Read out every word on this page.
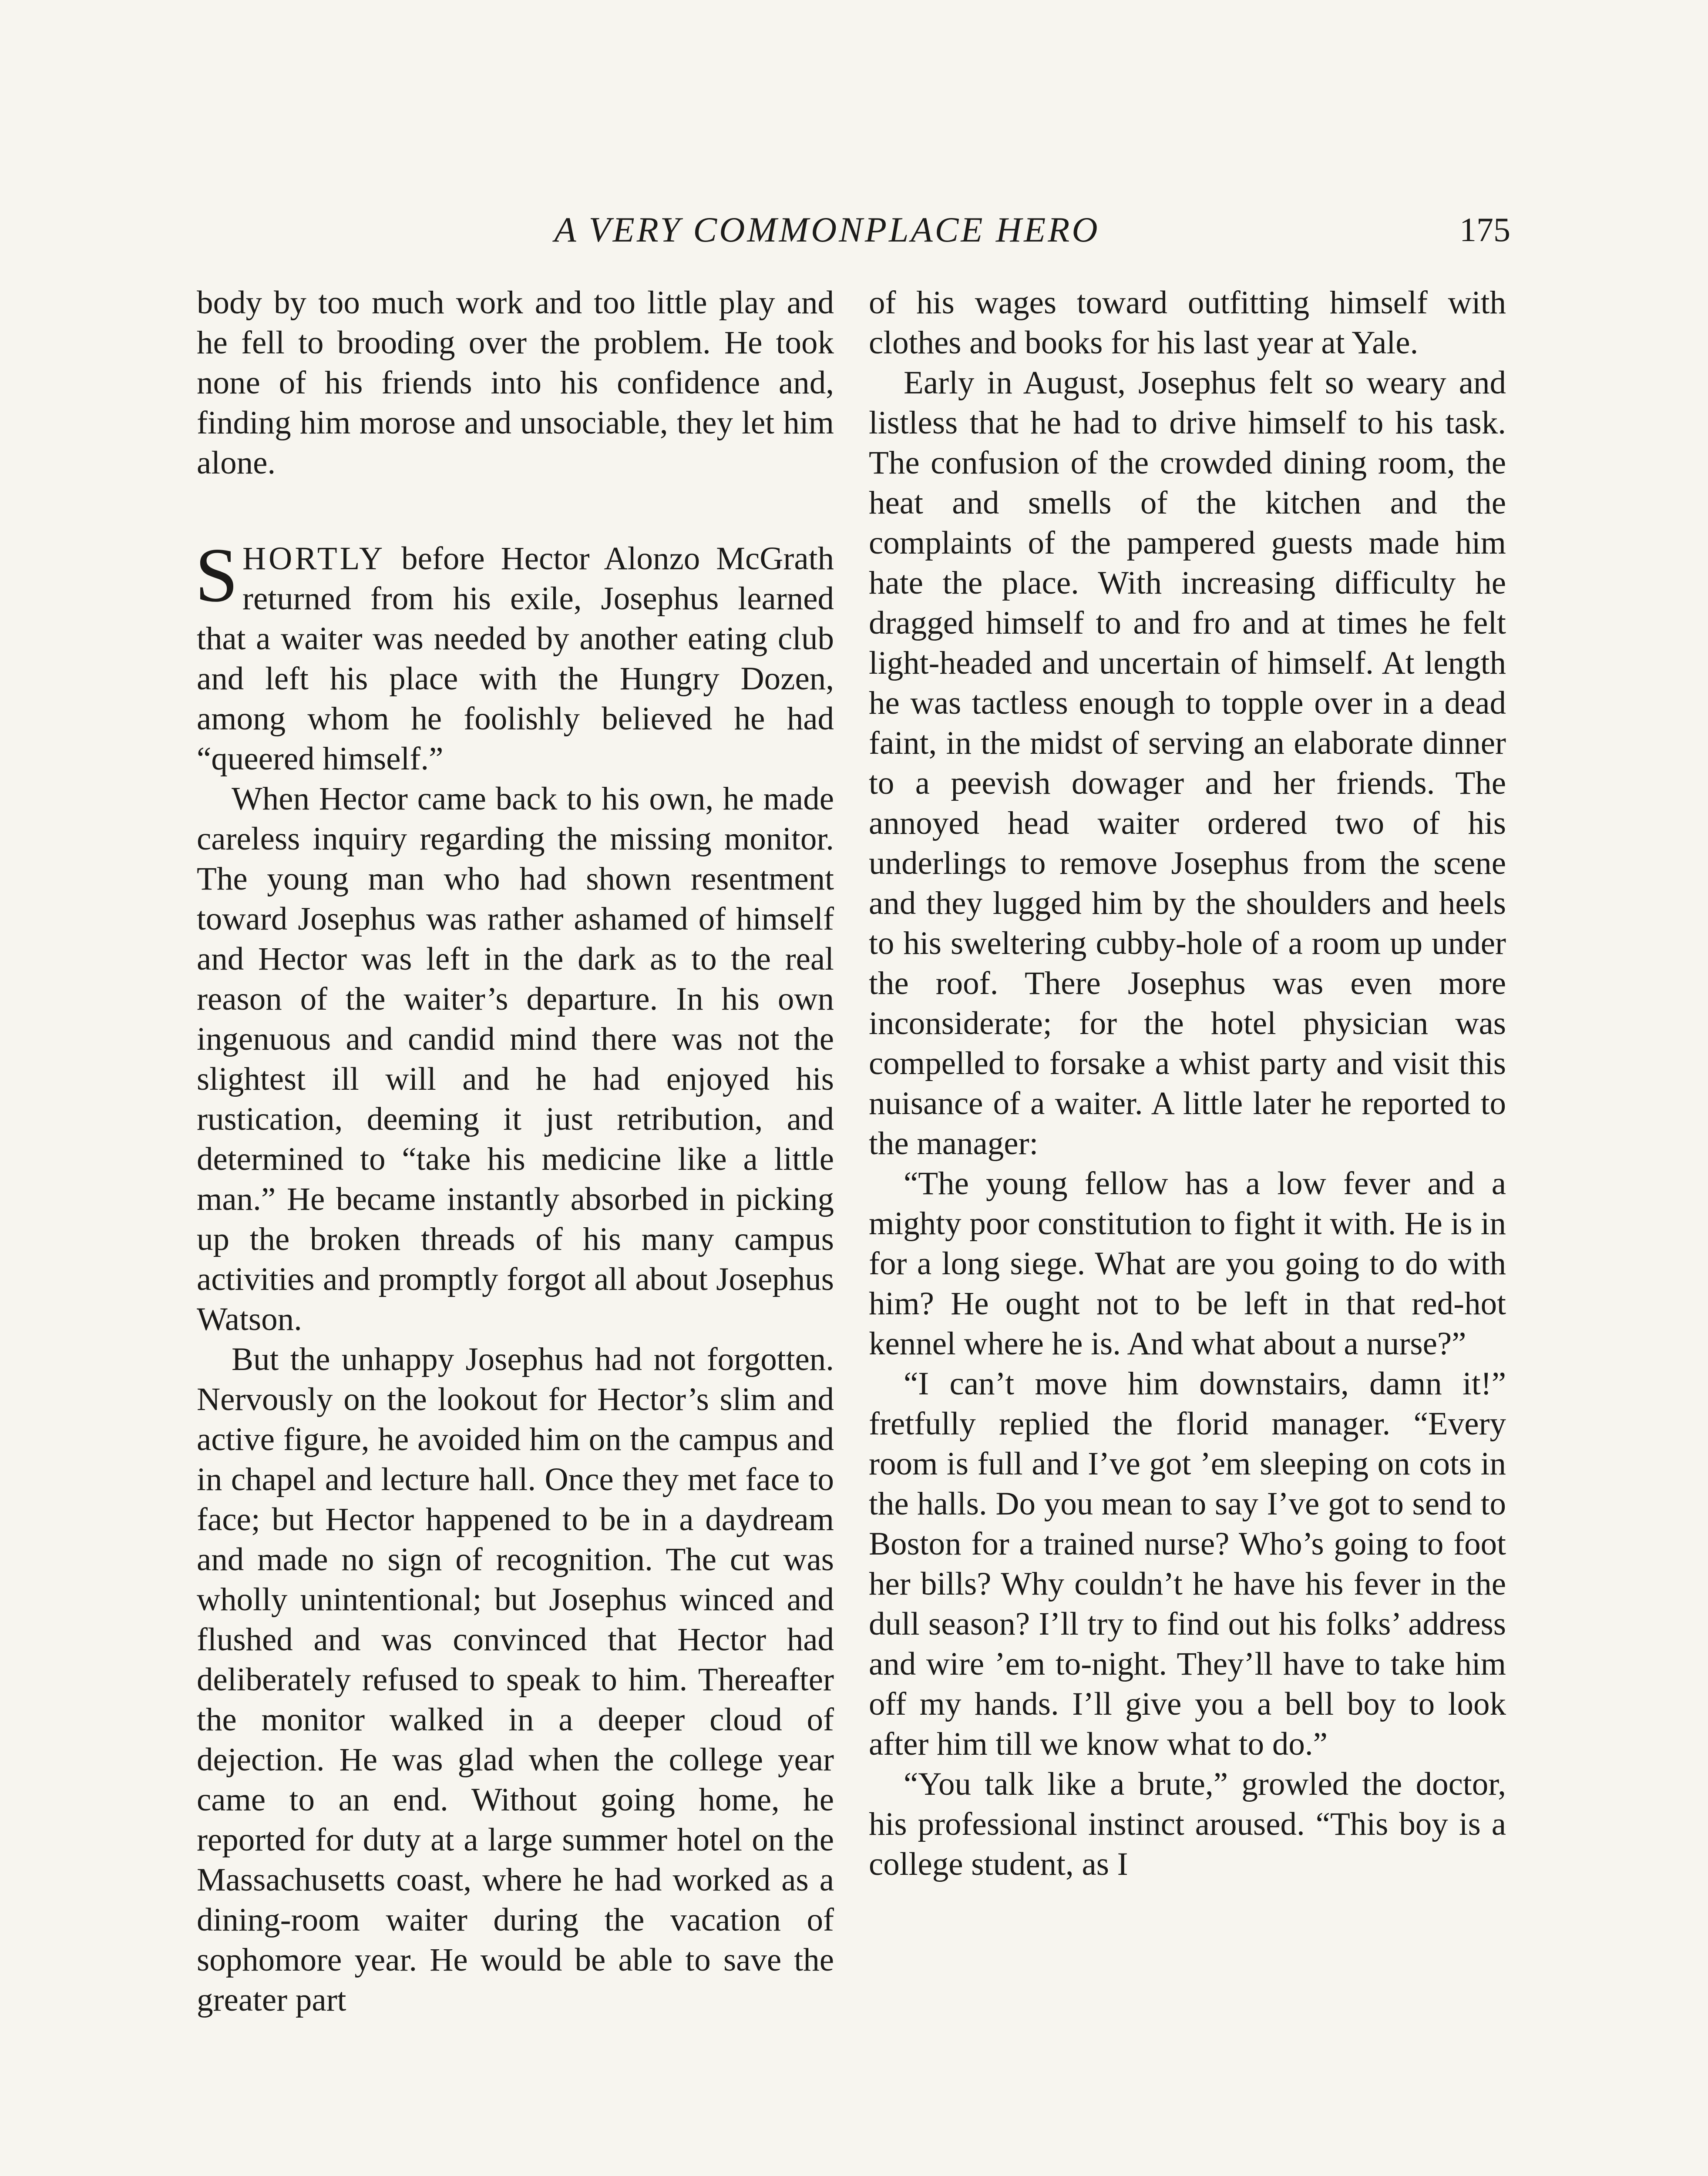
A VERY COMMONPLACE HERO	175

body by too much work and too little play and he fell to brooding over the problem. He took none of his friends into his confidence and, finding him morose and unsociable, they let him alone.

SHORTLY before Hector Alonzo McGrath returned from his exile, Josephus learned that a waiter was needed by another eating club and left his place with the Hungry Dozen, among whom he foolishly believed he had “queered himself.”

When Hector came back to his own, he made careless inquiry regarding the missing monitor. The young man who had shown resentment toward Josephus was rather ashamed of himself and Hector was left in the dark as to the real reason of the waiter’s departure. In his own ingenuous and candid mind there was not the slightest ill will and he had enjoyed his rustication, deeming it just retribution, and determined to “take his medicine like a little man.” He became instantly absorbed in picking up the broken threads of his many campus activities and promptly forgot all about Josephus Watson.

But the unhappy Josephus had not forgotten. Nervously on the lookout for Hector’s slim and active figure, he avoided him on the campus and in chapel and lecture hall. Once they met face to face; but Hector happened to be in a daydream and made no sign of recognition. The cut was wholly unintentional; but Josephus winced and flushed and was convinced that Hector had deliberately refused to speak to him. Thereafter the monitor walked in a deeper cloud of dejection. He was glad when the college year came to an end. Without going home, he reported for duty at a large summer hotel on the Massachusetts coast, where he had worked as a dining-room waiter during the vacation of sophomore year. He would be able to save the greater part

of his wages toward outfitting himself with clothes and books for his last year at Yale.

Early in August, Josephus felt so weary and listless that he had to drive himself to his task. The confusion of the crowded dining room, the heat and smells of the kitchen and the complaints of the pampered guests made him hate the place. With increasing difficulty he dragged himself to and fro and at times he felt light-headed and uncertain of himself. At length he was tactless enough to topple over in a dead faint, in the midst of serving an elaborate dinner to a peevish dowager and her friends. The annoyed head waiter ordered two of his underlings to remove Josephus from the scene and they lugged him by the shoulders and heels to his sweltering cubby-hole of a room up under the roof. There Josephus was even more inconsiderate; for the hotel physician was compelled to forsake a whist party and visit this nuisance of a waiter. A little later he reported to the manager:

“The young fellow has a low fever and a mighty poor constitution to fight it with. He is in for a long siege. What are you going to do with him? He ought not to be left in that red-hot kennel where he is. And what about a nurse?”

“I can’t move him downstairs, damn it!” fretfully replied the florid manager. “Every room is full and I’ve got ’em sleeping on cots in the halls. Do you mean to say I’ve got to send to Boston for a trained nurse? Who’s going to foot her bills? Why couldn’t he have his fever in the dull season? I’ll try to find out his folks’ address and wire ’em to-night. They’ll have to take him off my hands. I’ll give you a bell boy to look after him till we know what to do.”

“You talk like a brute,” growled the doctor, his professional instinct aroused. “This boy is a college student, as I
